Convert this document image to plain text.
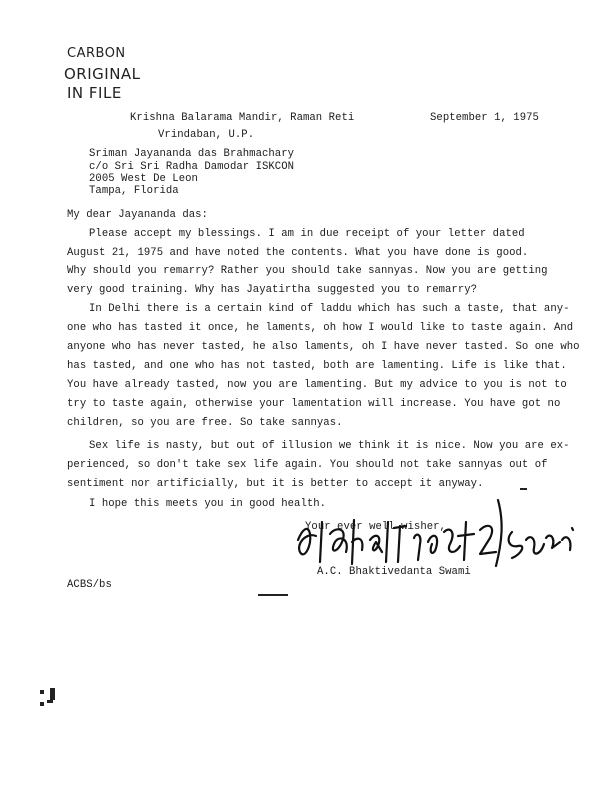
CARBON
ORIGINAL
IN FILE
Krishna Balarama Mandir, Raman Reti	September 1, 1975
Vrindaban, U.P.
Sriman Jayananda das Brahmachary
c/o Sri Sri Radha Damodar ISKCON
2005 West De Leon
Tampa, Florida
My dear Jayananda das:
Please accept my blessings. I am in due receipt of your letter dated
August 21, 1975 and have noted the contents. What you have done is good.
Why should you remarry? Rather you should take sannyas. Now you are getting
very good training. Why has Jayatirtha suggested you to remarry?
In Delhi there is a certain kind of laddu which has such a taste, that any-
one who has tasted it once, he laments, oh how I would like to taste again. And
anyone who has never tasted, he also laments, oh I have never tasted. So one who
has tasted, and one who has not tasted, both are lamenting. Life is like that.
You have already tasted, now you are lamenting. But my advice to you is not to
try to taste again, otherwise your lamentation will increase. You have got no
children, so you are free. So take sannyas.
Sex life is nasty, but out of illusion we think it is nice. Now you are ex-
perienced, so don't take sex life again. You should not take sannyas out of
sentiment nor artificially, but it is better to accept it anyway.
I hope this meets you in good health.
Your ever well wisher,
A.C. Bhaktivedanta Swami
ACBS/bs
